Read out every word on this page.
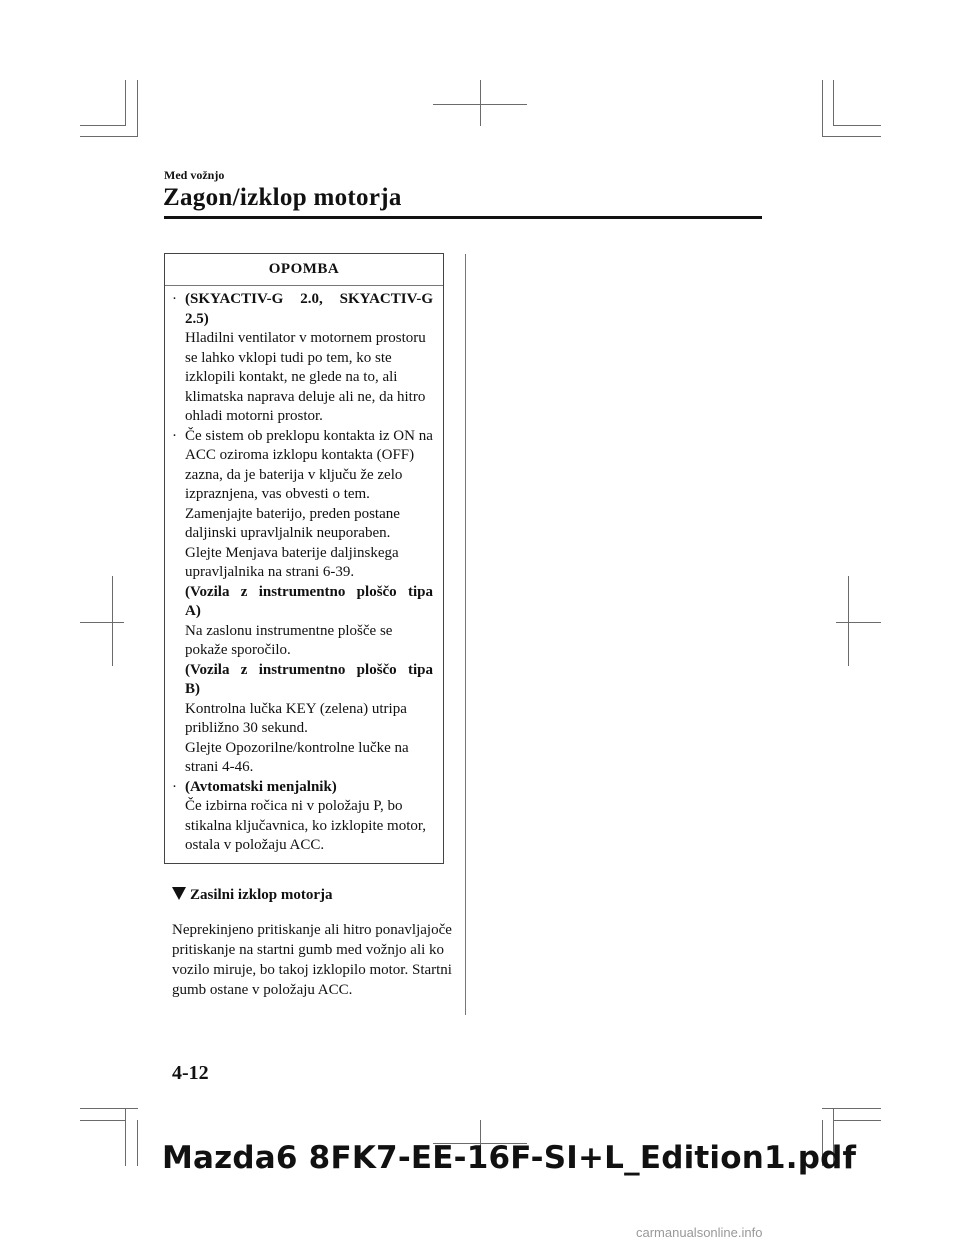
Med vožnjo
Zagon/izklop motorja
OPOMBA
· (SKYACTIV-G 2.0, SKYACTIV-G
2.5)
Hladilni ventilator v motornem prostoru se lahko vklopi tudi po tem, ko ste izklopili kontakt, ne glede na to, ali klimatska naprava deluje ali ne, da hitro ohladi motorni prostor.
· Če sistem ob preklopu kontakta iz ON na ACC oziroma izklopu kontakta (OFF) zazna, da je baterija v ključu že zelo izpraznjena, vas obvesti o tem.
Zamenjajte baterijo, preden postane daljinski upravljalnik neuporaben.
Glejte Menjava baterije daljinskega upravljalnika na strani 6-39.
(Vozila z instrumentno ploščo tipa
A)
Na zaslonu instrumentne plošče se pokaže sporočilo.
(Vozila z instrumentno ploščo tipa
B)
Kontrolna lučka KEY (zelena) utripa približno 30 sekund.
Glejte Opozorilne/kontrolne lučke na strani 4-46.
· (Avtomatski menjalnik)
Če izbirna ročica ni v položaju P, bo stikalna ključavnica, ko izklopite motor, ostala v položaju ACC.
Zasilni izklop motorja
Neprekinjeno pritiskanje ali hitro ponavljajoče pritiskanje na startni gumb med vožnjo ali ko vozilo miruje, bo takoj izklopilo motor. Startni gumb ostane v položaju ACC.
4-12
Mazda6 8FK7-EE-16F-SI+L_Edition1.pdf
carmanualsonline.info
